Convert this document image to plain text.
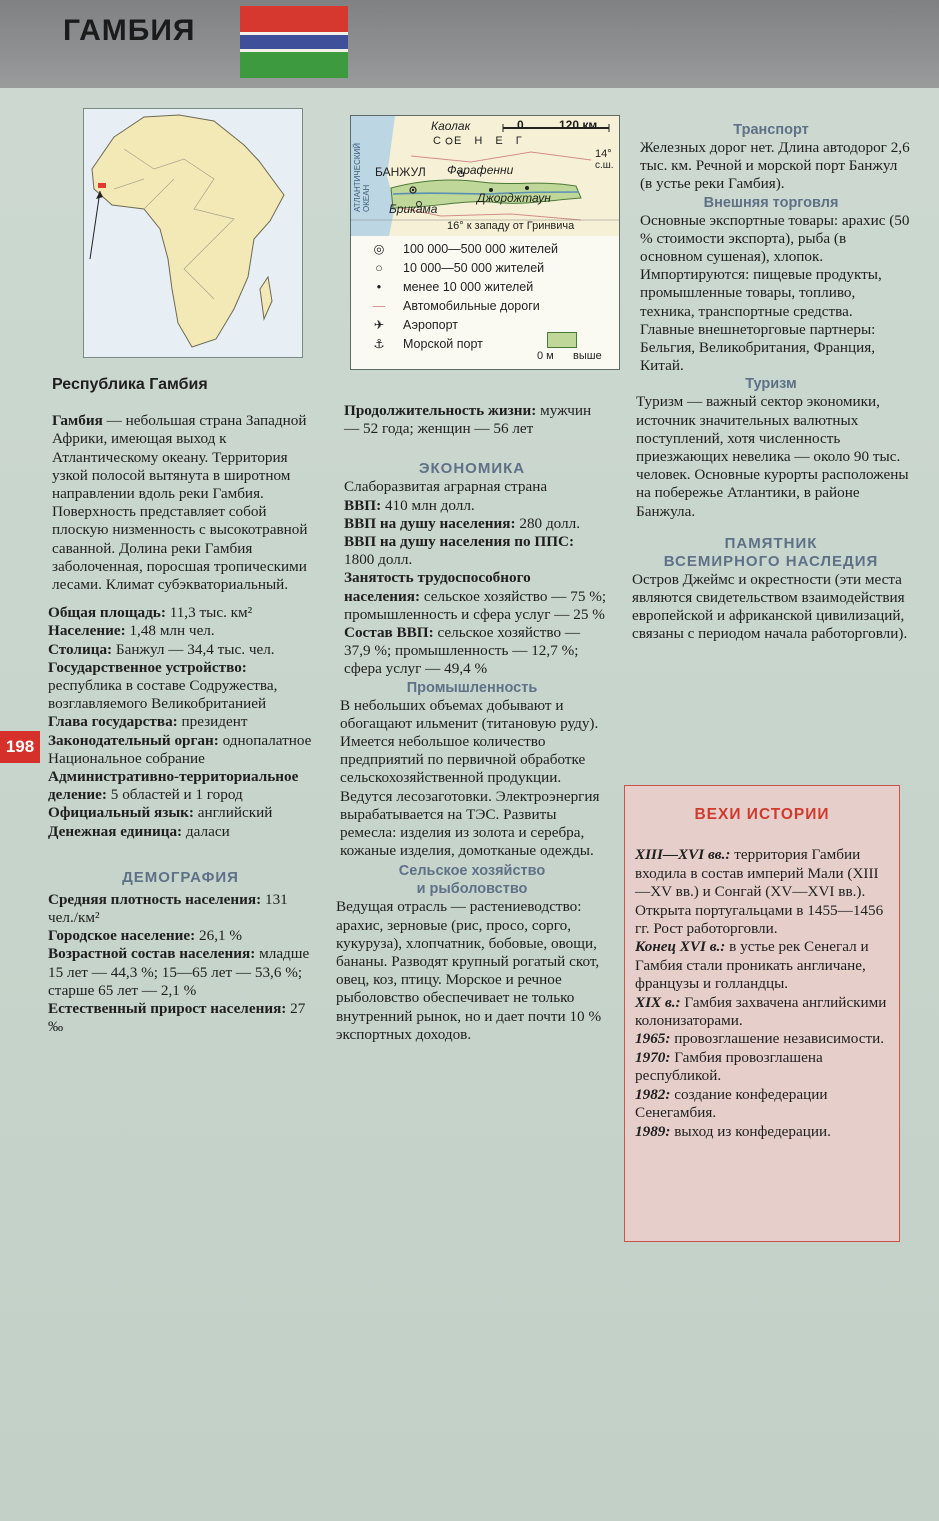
ГАМБИЯ
Каолак	0	120 км
С Е Н Е Г
14°
с.ш.
АТЛАНТИЧЕСКИЙ ОКЕАН
БАНЖУЛ Фарафенни
Брикама
Джорджтаун
16° к западу от Гринвича
◎	100 000—500 000 жителей
○	10 000—50 000 жителей
•	менее 10 000 жителей
—	Автомобильные дороги
✈	Аэропорт
⚓	Морской порт
0 м выше
198
Республика Гамбия

Гамбия — небольшая страна Западной Африки, имеющая выход к Атлантическому океану. Территория узкой полосой вытянута в широтном направлении вдоль реки Гамбия. Поверхность представляет собой плоскую низменность с высокотравной саванной. Долина реки Гамбия заболоченная, поросшая тропическими лесами. Климат субэкваториальный.

Общая площадь: 11,3 тыс. км²

Население: 1,48 млн чел.

Столица: Банжул — 34,4 тыс. чел.

Государственное устройство: республика в составе Содружества, возглавляемого Великобританией

Глава государства: президент

Законодательный орган: однопалатное Национальное собрание

Административно-территориальное деление: 5 областей и 1 город

Официальный язык: английский

Денежная единица: даласи

ДЕМОГРАФИЯ

Средняя плотность населения: 131 чел./км²

Городское население: 26,1 %

Возрастной состав населения: младше 15 лет — 44,3 %; 15—65 лет — 53,6 %; старше 65 лет — 2,1 %

Естественный прирост населения: 27 ‰

Продолжительность жизни: мужчин — 52 года; женщин — 56 лет

ЭКОНОМИКА

Слаборазвитая аграрная страна

ВВП: 410 млн долл.

ВВП на душу населения: 280 долл.

ВВП на душу населения по ППС: 1800 долл.

Занятость трудоспособного населения: сельское хозяйство — 75 %; промышленность и сфера услуг — 25 %

Состав ВВП: сельское хозяйство — 37,9 %; промышленность — 12,7 %; сфера услуг — 49,4 %

Промышленность

В небольших объемах добывают и обогащают ильменит (титановую руду). Имеется небольшое количество предприятий по первичной обработке сельскохозяйственной продукции. Ведутся лесозаготовки. Электроэнергия вырабатывается на ТЭС. Развиты ремесла: изделия из золота и серебра, кожаные изделия, домотканые одежды.

Сельское хозяйство
и рыболовство

Ведущая отрасль — растениеводство: арахис, зерновые (рис, просо, сорго, кукуруза), хлопчатник, бобовые, овощи, бананы. Разводят крупный рогатый скот, овец, коз, птицу. Морское и речное рыболовство обеспечивает не только внутренний рынок, но и дает почти 10 % экспортных доходов.

Транспорт

Железных дорог нет. Длина автодорог 2,6 тыс. км. Речной и морской порт Банжул (в устье реки Гамбия).

Внешняя торговля

Основные экспортные товары: арахис (50 % стоимости экспорта), рыба (в основном сушеная), хлопок. Импортируются: пищевые продукты, промышленные товары, топливо, техника, транспортные средства. Главные внешнеторговые партнеры: Бельгия, Великобритания, Франция, Китай.

Туризм

Туризм — важный сектор экономики, источник значительных валютных поступлений, хотя численность приезжающих невелика — около 90 тыс. человек. Основные курорты расположены на побережье Атлантики, в районе Банжула.

ПАМЯТНИК
ВСЕМИРНОГО НАСЛЕДИЯ

Остров Джеймс и окрестности (эти места являются свидетельством взаимодействия европейской и африканской цивилизаций, связаны с периодом начала работорговли).

ВЕХИ ИСТОРИИ

XIII—XVI вв.: территория Гамбии входила в состав империй Мали (XIII—XV вв.) и Сонгай (XV—XVI вв.). Открыта португальцами в 1455—1456 гг. Рост работорговли.

Конец XVI в.: в устье рек Сенегал и Гамбия стали проникать англичане, французы и голландцы.

XIX в.: Гамбия захвачена английскими колонизаторами.

1965: провозглашение независимости.

1970: Гамбия провозглашена республикой.

1982: создание конфедерации Сенегамбия.

1989: выход из конфедерации.
